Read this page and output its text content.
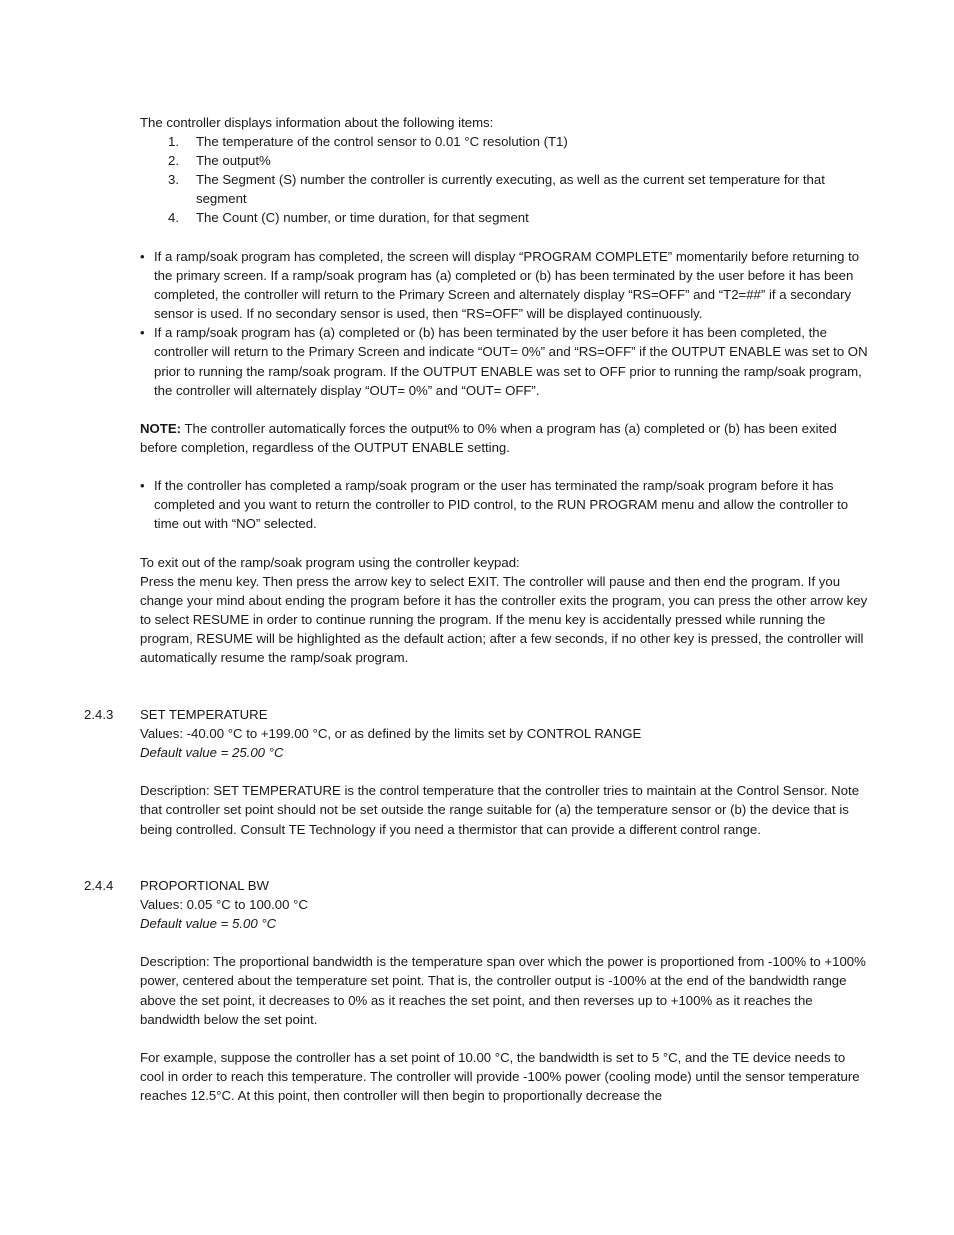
The controller displays information about the following items:

1. The temperature of the control sensor to 0.01 °C resolution (T1)
2. The output%
3. The Segment (S) number the controller is currently executing, as well as the current set temperature for that segment
4. The Count (C) number, or time duration, for that segment
• If a ramp/soak program has completed, the screen will display “PROGRAM COMPLETE” momentarily before returning to the primary screen. If a ramp/soak program has (a) completed or (b) has been terminated by the user before it has been completed, the controller will return to the Primary Screen and alternately display “RS=OFF” and “T2=##” if a secondary sensor is used. If no secondary sensor is used, then “RS=OFF” will be displayed continuously.
• If a ramp/soak program has (a) completed or (b) has been terminated by the user before it has been completed, the controller will return to the Primary Screen and indicate “OUT= 0%” and “RS=OFF” if the OUTPUT ENABLE was set to ON prior to running the ramp/soak program. If the OUTPUT ENABLE was set to OFF prior to running the ramp/soak program, the controller will alternately display “OUT= 0%” and “OUT= OFF”.

NOTE: The controller automatically forces the output% to 0% when a program has (a) completed or (b) has been exited before completion, regardless of the OUTPUT ENABLE setting.

• If the controller has completed a ramp/soak program or the user has terminated the ramp/soak program before it has completed and you want to return the controller to PID control, to the RUN PROGRAM menu and allow the controller to time out with “NO” selected.

To exit out of the ramp/soak program using the controller keypad:

Press the menu key. Then press the arrow key to select EXIT. The controller will pause and then end the program. If you change your mind about ending the program before it has the controller exits the program, you can press the other arrow key to select RESUME in order to continue running the program. If the menu key is accidentally pressed while running the program, RESUME will be highlighted as the default action; after a few seconds, if no other key is pressed, the controller will automatically resume the ramp/soak program.

2.4.3 SET TEMPERATURE

Values: -40.00 °C to +199.00 °C, or as defined by the limits set by CONTROL RANGE

Default value = 25.00 °C

Description: SET TEMPERATURE is the control temperature that the controller tries to maintain at the Control Sensor. Note that controller set point should not be set outside the range suitable for (a) the temperature sensor or (b) the device that is being controlled. Consult TE Technology if you need a thermistor that can provide a different control range.

2.4.4 PROPORTIONAL BW

Values: 0.05 °C to 100.00 °C

Default value = 5.00 °C

Description: The proportional bandwidth is the temperature span over which the power is proportioned from -100% to +100% power, centered about the temperature set point. That is, the controller output is -100% at the end of the bandwidth range above the set point, it decreases to 0% as it reaches the set point, and then reverses up to +100% as it reaches the bandwidth below the set point.

For example, suppose the controller has a set point of 10.00 °C, the bandwidth is set to 5 °C, and the TE device needs to cool in order to reach this temperature. The controller will provide -100% power (cooling mode) until the sensor temperature reaches 12.5°C. At this point, then controller will then begin to proportionally decrease the
